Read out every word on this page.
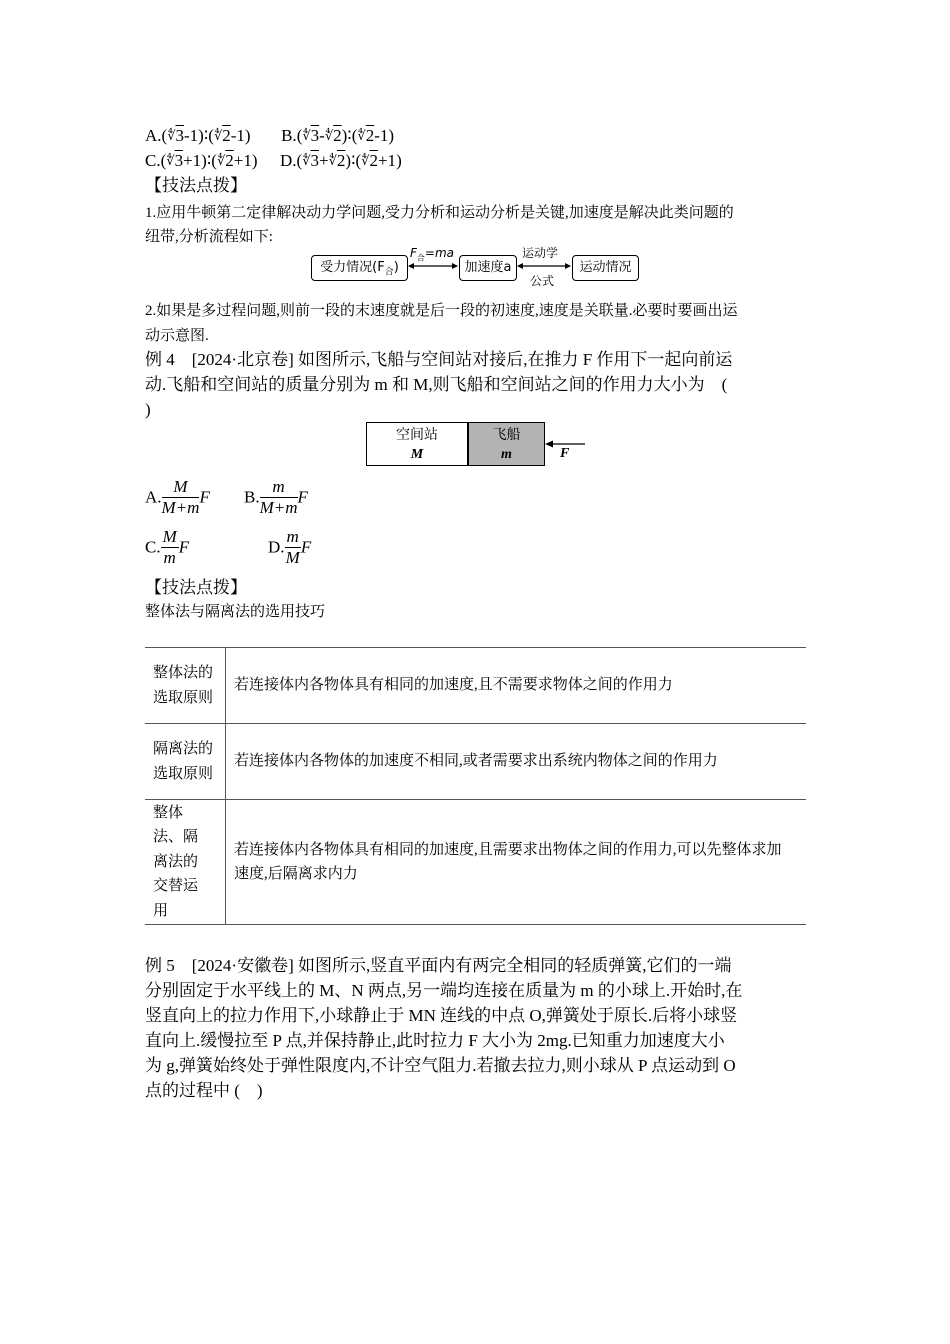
A.(∜3-1)∶(∜2-1) B.(∜3-∜2)∶(∜2-1)
C.(∜3+1)∶(∜2+1) D.(∜3+∜2)∶(∜2+1)
【技法点拨】
1.应用牛顿第二定律解决动力学问题,受力分析和运动分析是关键,加速度是解决此类问题的
纽带,分析流程如下:
受力情况$(F_合)$
$F_合=ma$
加速度a
运动学
公式
运动情况
2.如果是多过程问题,则前一段的末速度就是后一段的初速度,速度是关联量.必要时要画出运
动示意图.
例 4　[2024·北京卷] 如图所示,飞船与空间站对接后,在推力 F 作用下一起向前运
动.飞船和空间站的质量分别为 m 和 M,则飞船和空间站之间的作用力大小为　(
)
空间站
M
飞船
m	F
A. $\frac{M}{M+m}$ F B. $\frac{m}{M+m}$ F
C. $\frac{M}{m}$ F	D. $\frac{m}{M}$ F
【技法点拨】
整体法与隔离法的选用技巧
整体法的选取原则	若连接体内各物体具有相同的加速度,且不需要求物体之间的作用力
隔离法的选取原则	若连接体内各物体的加速度不相同,或者需要求出系统内物体之间的作用力
整体法、隔离法的交替运用	若连接体内各物体具有相同的加速度,且需要求出物体之间的作用力,可以先整体求加速度,后隔离求内力
例 5　[2024·安徽卷] 如图所示,竖直平面内有两完全相同的轻质弹簧,它们的一端
分别固定于水平线上的 M、N 两点,另一端均连接在质量为 m 的小球上.开始时,在
竖直向上的拉力作用下,小球静止于 MN 连线的中点 O,弹簧处于原长.后将小球竖
直向上.缓慢拉至 P 点,并保持静止,此时拉力 F 大小为 2mg.已知重力加速度大小
为 g,弹簧始终处于弹性限度内,不计空气阻力.若撤去拉力,则小球从 P 点运动到 O
点的过程中 (　)
